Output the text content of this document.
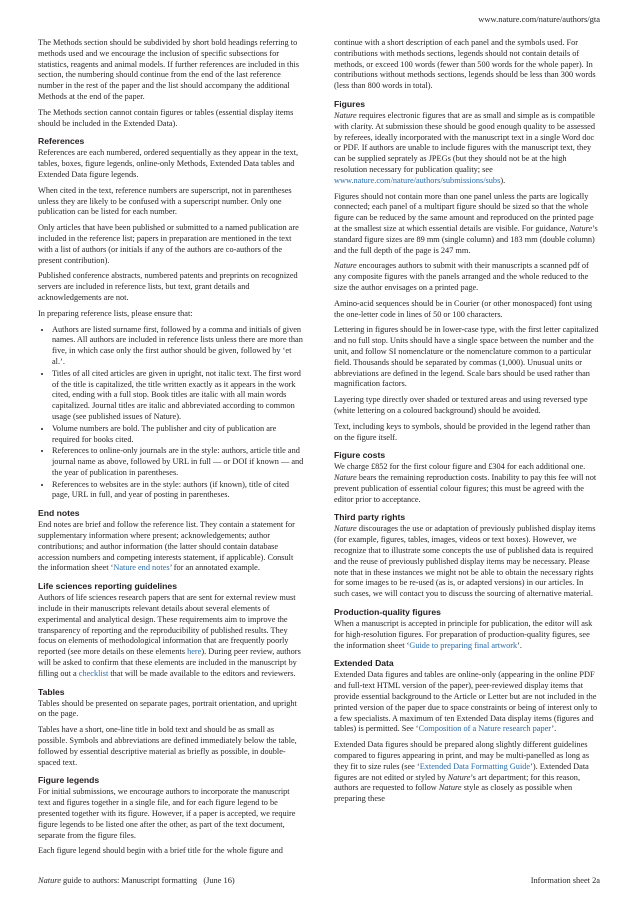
www.nature.com/nature/authors/gta

The Methods section should be subdivided by short bold headings referring to methods used and we encourage the inclusion of specific subsections for statistics, reagents and animal models. If further references are included in this section, the numbering should continue from the end of the last reference number in the rest of the paper and the list should accompany the additional Methods at the end of the paper.

The Methods section cannot contain figures or tables (essential display items should be included in the Extended Data).

References

References are each numbered, ordered sequentially as they appear in the text, tables, boxes, figure legends, online-only Methods, Extended Data tables and Extended Data figure legends.

When cited in the text, reference numbers are superscript, not in parentheses unless they are likely to be confused with a superscript number. Only one publication can be listed for each number.

Only articles that have been published or submitted to a named publication are included in the reference list; papers in preparation are mentioned in the text with a list of authors (or initials if any of the authors are co-authors of the present contribution).

Published conference abstracts, numbered patents and preprints on recognized servers are included in reference lists, but text, grant details and acknowledgements are not.

In preparing reference lists, please ensure that:

• Authors are listed surname first, followed by a comma and initials of given names. All authors are included in reference lists unless there are more than five, in which case only the first author should be given, followed by ‘et al.’.
• Titles of all cited articles are given in upright, not italic text. The first word of the title is capitalized, the title written exactly as it appears in the work cited, ending with a full stop. Book titles are italic with all main words capitalized. Journal titles are italic and abbreviated according to common usage (see published issues of Nature).
• Volume numbers are bold. The publisher and city of publication are required for books cited.
• References to online-only journals are in the style: authors, article title and journal name as above, followed by URL in full — or DOI if known — and the year of publication in parentheses.
• References to websites are in the style: authors (if known), title of cited page, URL in full, and year of posting in parentheses.
End notes

End notes are brief and follow the reference list. They contain a statement for supplementary information where present; acknowledgements; author contributions; and author information (the latter should contain database accession numbers and competing interests statement, if applicable). Consult the information sheet ‘Nature end notes’ for an annotated example.

Life sciences reporting guidelines

Authors of life sciences research papers that are sent for external review must include in their manuscripts relevant details about several elements of experimental and analytical design. These requirements aim to improve the transparency of reporting and the reproducibility of published results. They focus on elements of methodological information that are frequently poorly reported (see more details on these elements here). During peer review, authors will be asked to confirm that these elements are included in the manuscript by filling out a checklist that will be made available to the editors and reviewers.

Tables

Tables should be presented on separate pages, portrait orientation, and upright on the page.

Tables have a short, one-line title in bold text and should be as small as possible. Symbols and abbreviations are defined immediately below the table, followed by essential descriptive material as briefly as possible, in double-spaced text.

Figure legends

For initial submissions, we encourage authors to incorporate the manuscript text and figures together in a single file, and for each figure legend to be presented together with its figure. However, if a paper is accepted, we require figure legends to be listed one after the other, as part of the text document, separate from the figure files.

Each figure legend should begin with a brief title for the whole figure and

continue with a short description of each panel and the symbols used. For contributions with methods sections, legends should not contain details of methods, or exceed 100 words (fewer than 500 words for the whole paper). In contributions without methods sections, legends should be less than 300 words (less than 800 words in total).

Figures

Nature requires electronic figures that are as small and simple as is compatible with clarity. At submission these should be good enough quality to be assessed by referees, ideally incorporated with the manuscript text in a single Word doc or PDF. If authors are unable to include figures with the manuscript text, they can be supplied seprately as JPEGs (but they should not be at the high resolution necessary for publication quality; see www.nature.com/nature/authors/submissions/subs).

Figures should not contain more than one panel unless the parts are logically connected; each panel of a multipart figure should be sized so that the whole figure can be reduced by the same amount and reproduced on the printed page at the smallest size at which essential details are visible. For guidance, Nature’s standard figure sizes are 89 mm (single column) and 183 mm (double column) and the full depth of the page is 247 mm.

Nature encourages authors to submit with their manuscripts a scanned pdf of any composite figures with the panels arranged and the whole reduced to the size the author envisages on a printed page.

Amino-acid sequences should be in Courier (or other monospaced) font using the one-letter code in lines of 50 or 100 characters.

Lettering in figures should be in lower-case type, with the first letter capitalized and no full stop. Units should have a single space between the number and the unit, and follow SI nomenclature or the nomenclature common to a particular field. Thousands should be separated by commas (1,000). Unusual units or abbreviations are defined in the legend. Scale bars should be used rather than magnification factors.

Layering type directly over shaded or textured areas and using reversed type (white lettering on a coloured background) should be avoided.

Text, including keys to symbols, should be provided in the legend rather than on the figure itself.

Figure costs

We charge £852 for the first colour figure and £304 for each additional one. Nature bears the remaining reproduction costs. Inability to pay this fee will not prevent publication of essential colour figures; this must be agreed with the editor prior to acceptance.

Third party rights

Nature discourages the use or adaptation of previously published display items (for example, figures, tables, images, videos or text boxes). However, we recognize that to illustrate some concepts the use of published data is required and the reuse of previously published display items may be necessary. Please note that in these instances we might not be able to obtain the necessary rights for some images to be re-used (as is, or adapted versions) in our articles. In such cases, we will contact you to discuss the sourcing of alternative material.

Production-quality figures

When a manuscript is accepted in principle for publication, the editor will ask for high-resolution figures. For preparation of production-quality figures, see the information sheet ‘Guide to preparing final artwork’.

Extended Data

Extended Data figures and tables are online-only (appearing in the online PDF and full-text HTML version of the paper), peer-reviewed display items that provide essential background to the Article or Letter but are not included in the printed version of the paper due to space constraints or being of interest only to a few specialists. A maximum of ten Extended Data display items (figures and tables) is permitted. See ‘Composition of a Nature research paper’.

Extended Data figures should be prepared along slightly different guidelines compared to figures appearing in print, and may be multi-panelled as long as they fit to size rules (see ‘Extended Data Formatting Guide’). Extended Data figures are not edited or styled by Nature’s art department; for this reason, authors are requested to follow Nature style as closely as possible when preparing these

Nature guide to authors: Manuscript formatting (June 16)	Information sheet 2a
